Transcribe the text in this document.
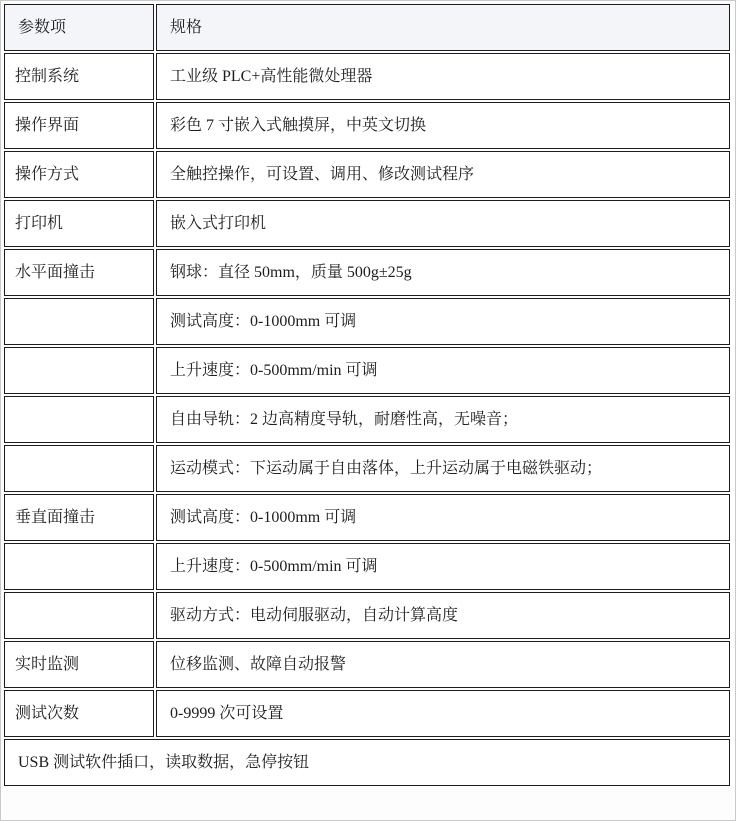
参数项	规格
控制系统	工业级 PLC+高性能微处理器
操作界面	彩色 7 寸嵌入式触摸屏，中英文切换
操作方式	全触控操作，可设置、调用、修改测试程序
打印机	嵌入式打印机
水平面撞击	钢球：直径 50mm，质量 500g±25g
	测试高度：0-1000mm 可调
	上升速度：0-500mm/min 可调
	自由导轨：2 边高精度导轨，耐磨性高，无噪音；
	运动模式：下运动属于自由落体，上升运动属于电磁铁驱动；
垂直面撞击	测试高度：0-1000mm 可调
	上升速度：0-500mm/min 可调
	驱动方式：电动伺服驱动，自动计算高度
实时监测	位移监测、故障自动报警
测试次数	0-9999 次可设置
USB 测试软件插口，读取数据，急停按钮	
